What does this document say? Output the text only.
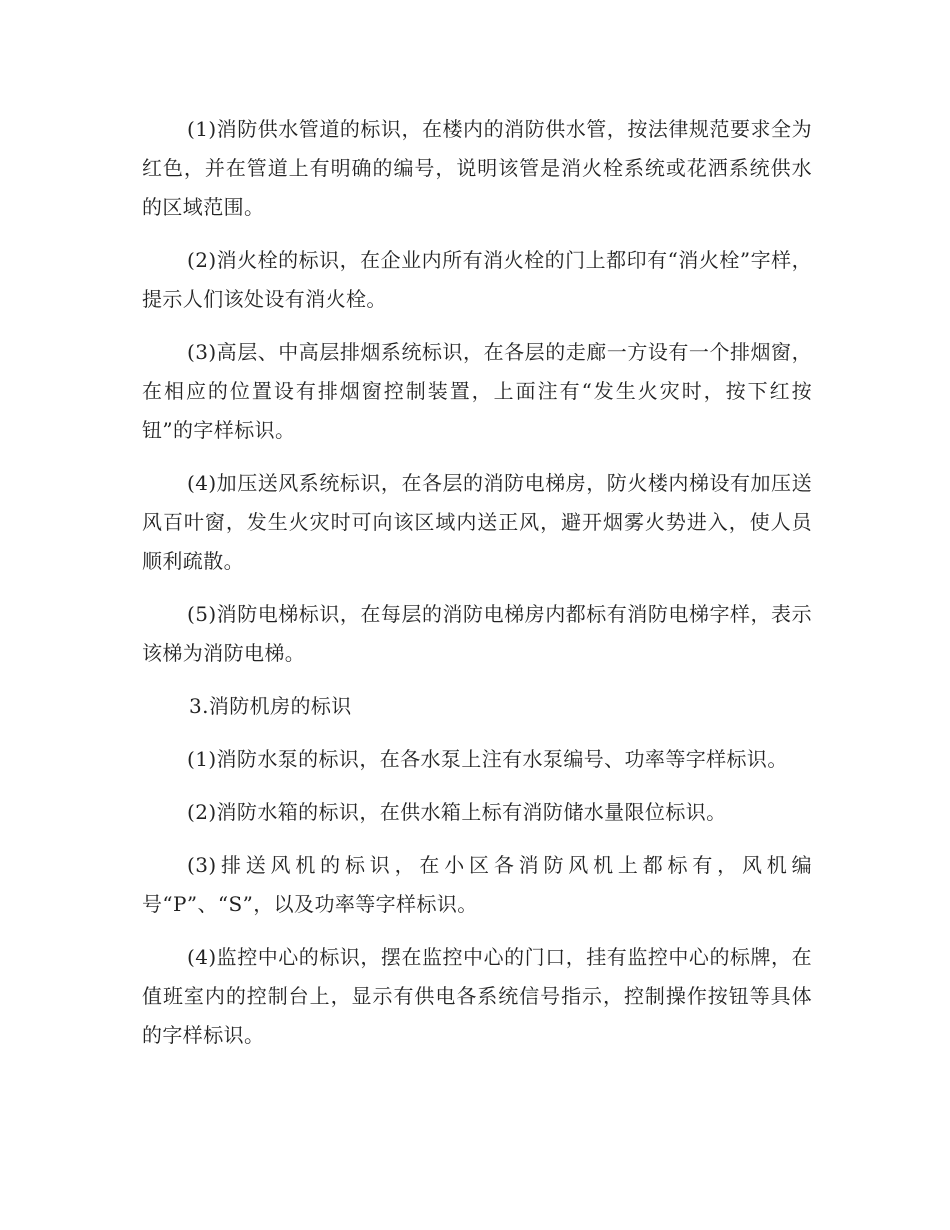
(1)消防供水管道的标识，在楼内的消防供水管，按法律规范要求全为红色，并在管道上有明确的编号，说明该管是消火栓系统或花洒系统供水的区域范围。

(2)消火栓的标识，在企业内所有消火栓的门上都印有“消火栓”字样，提示人们该处设有消火栓。

(3)高层、中高层排烟系统标识，在各层的走廊一方设有一个排烟窗，在相应的位置设有排烟窗控制装置，上面注有“发生火灾时，按下红按钮”的字样标识。

(4)加压送风系统标识，在各层的消防电梯房，防火楼内梯设有加压送风百叶窗，发生火灾时可向该区域内送正风，避开烟雾火势进入，使人员顺利疏散。

(5)消防电梯标识，在每层的消防电梯房内都标有消防电梯字样，表示该梯为消防电梯。

3.消防机房的标识

(1)消防水泵的标识，在各水泵上注有水泵编号、功率等字样标识。

(2)消防水箱的标识，在供水箱上标有消防储水量限位标识。

(3)排送风机的标识，在小区各消防风机上都标有，风机编号“P”、“S”，以及功率等字样标识。

(4)监控中心的标识，摆在监控中心的门口，挂有监控中心的标牌，在值班室内的控制台上，显示有供电各系统信号指示，控制操作按钮等具体的字样标识。
